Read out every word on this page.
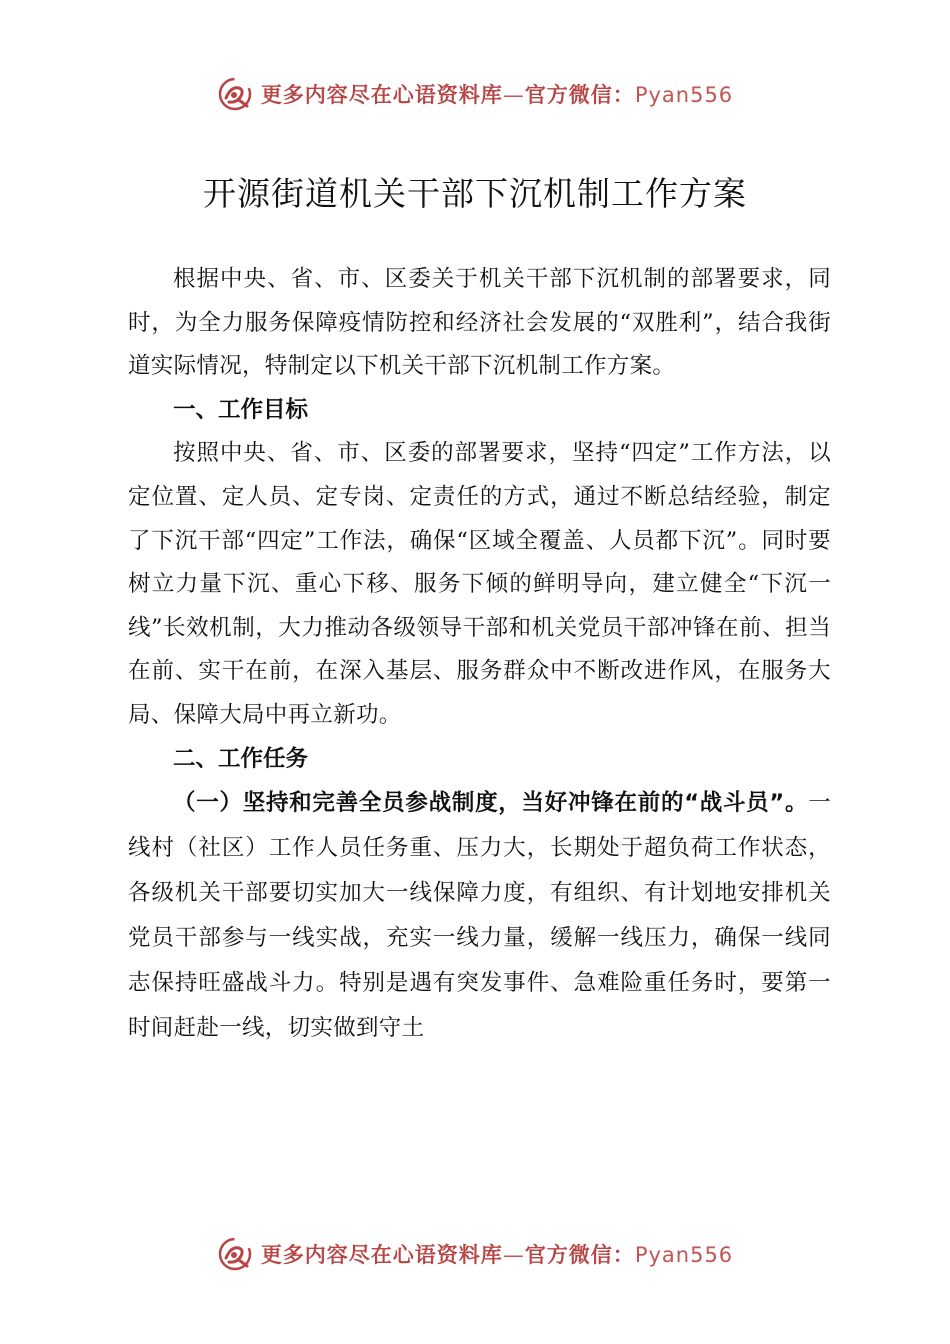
更多内容尽在心语资料库—官方微信：Pyan556
开源街道机关干部下沉机制工作方案

根据中央、省、市、区委关于机关干部下沉机制的部署要求，同时，为全力服务保障疫情防控和经济社会发展的“双胜利”，结合我街道实际情况，特制定以下机关干部下沉机制工作方案。

一、工作目标

按照中央、省、市、区委的部署要求，坚持“四定”工作方法，以定位置、定人员、定专岗、定责任的方式，通过不断总结经验，制定了下沉干部“四定”工作法，确保“区域全覆盖、人员都下沉”。同时要树立力量下沉、重心下移、服务下倾的鲜明导向，建立健全“下沉一线”长效机制，大力推动各级领导干部和机关党员干部冲锋在前、担当在前、实干在前，在深入基层、服务群众中不断改进作风，在服务大局、保障大局中再立新功。

二、工作任务

（一）坚持和完善全员参战制度，当好冲锋在前的“战斗员”。一线村（社区）工作人员任务重、压力大，长期处于超负荷工作状态，各级机关干部要切实加大一线保障力度，有组织、有计划地安排机关党员干部参与一线实战，充实一线力量，缓解一线压力，确保一线同志保持旺盛战斗力。特别是遇有突发事件、急难险重任务时，要第一时间赶赴一线，切实做到守土

更多内容尽在心语资料库—官方微信：Pyan556
